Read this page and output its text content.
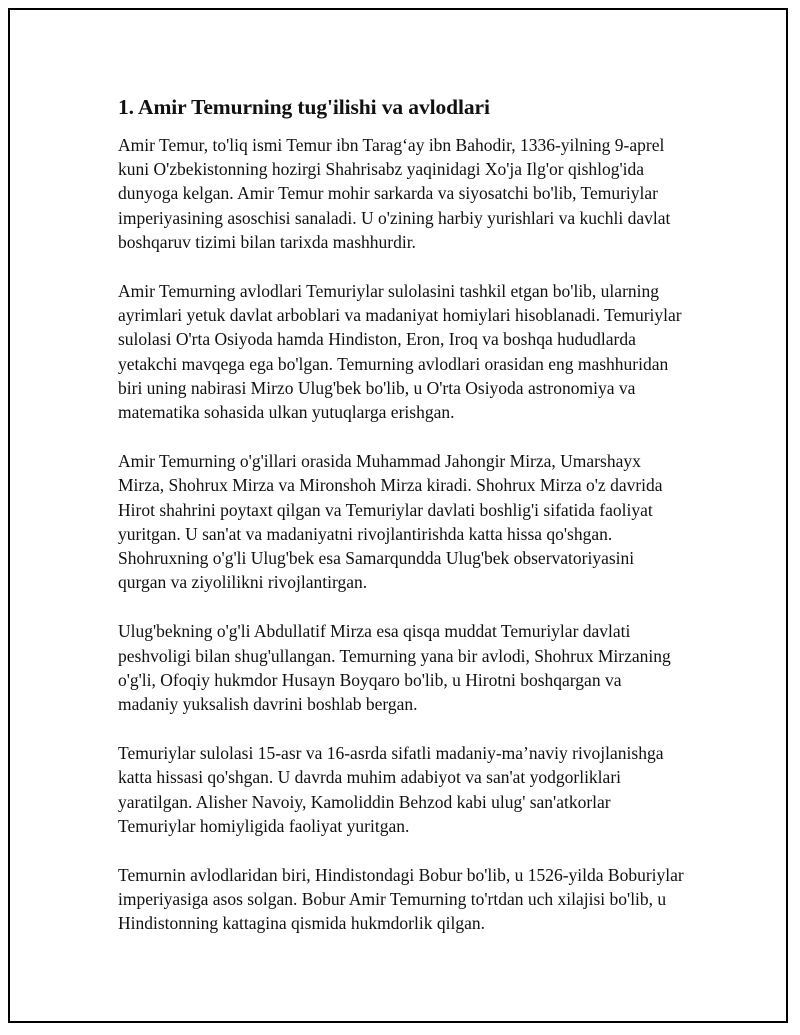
1. Amir Temurning tug'ilishi va avlodlari

Amir Temur, to'liq ismi Temur ibn Taragʻay ibn Bahodir, 1336-yilning 9-aprel kuni O'zbekistonning hozirgi Shahrisabz yaqinidagi Xo'ja Ilg'or qishlog'ida dunyoga kelgan. Amir Temur mohir sarkarda va siyosatchi bo'lib, Temuriylar imperiyasining asoschisi sanaladi. U o'zining harbiy yurishlari va kuchli davlat boshqaruv tizimi bilan tarixda mashhurdir.

Amir Temurning avlodlari Temuriylar sulolasini tashkil etgan bo'lib, ularning ayrimlari yetuk davlat arboblari va madaniyat homiylari hisoblanadi. Temuriylar sulolasi O'rta Osiyoda hamda Hindiston, Eron, Iroq va boshqa hududlarda yetakchi mavqega ega bo'lgan. Temurning avlodlari orasidan eng mashhuridan biri uning nabirasi Mirzo Ulug'bek bo'lib, u O'rta Osiyoda astronomiya va matematika sohasida ulkan yutuqlarga erishgan.

Amir Temurning o'g'illari orasida Muhammad Jahongir Mirza, Umarshayx Mirza, Shohrux Mirza va Mironshoh Mirza kiradi. Shohrux Mirza o'z davrida Hirot shahrini poytaxt qilgan va Temuriylar davlati boshlig'i sifatida faoliyat yuritgan. U san'at va madaniyatni rivojlantirishda katta hissa qo'shgan. Shohruxning o'g'li Ulug'bek esa Samarqundda Ulug'bek observatoriyasini qurgan va ziyolilikni rivojlantirgan.

Ulug'bekning o'g'li Abdullatif Mirza esa qisqa muddat Temuriylar davlati peshvoligi bilan shug'ullangan. Temurning yana bir avlodi, Shohrux Mirzaning o'g'li, Ofoqiy hukmdor Husayn Boyqaro bo'lib, u Hirotni boshqargan va madaniy yuksalish davrini boshlab bergan.

Temuriylar sulolasi 15-asr va 16-asrda sifatli madaniy-maʼnaviy rivojlanishga katta hissasi qo'shgan. U davrda muhim adabiyot va san'at yodgorliklari yaratilgan. Alisher Navoiy, Kamoliddin Behzod kabi ulug' san'atkorlar Temuriylar homiyligida faoliyat yuritgan.

Temurnin avlodlaridan biri, Hindistondagi Bobur bo'lib, u 1526-yilda Boburiylar imperiyasiga asos solgan. Bobur Amir Temurning to'rtdan uch xilajisi bo'lib, u Hindistonning kattagina qismida hukmdorlik qilgan.
